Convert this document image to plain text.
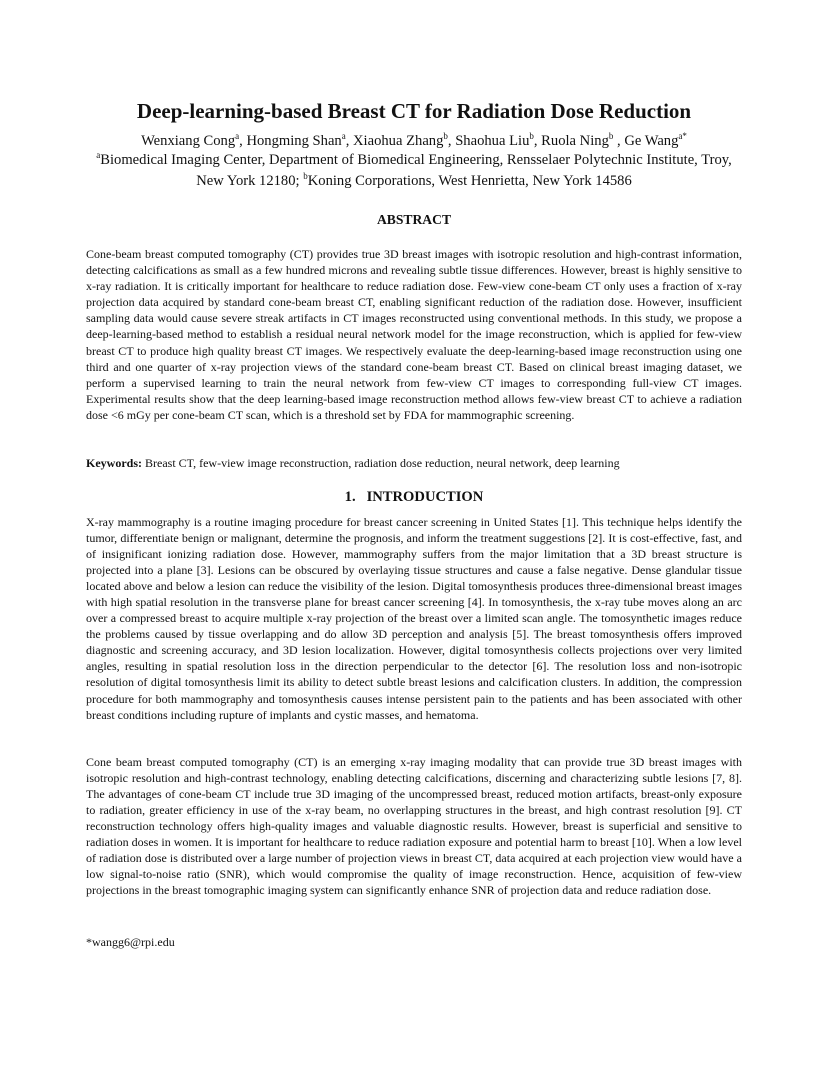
Deep-learning-based Breast CT for Radiation Dose Reduction
Wenxiang Cong$^a$, Hongming Shan$^a$, Xiaohua Zhang$^b$, Shaohua Liu$^b$, Ruola Ning$^b$ , Ge Wang$^{a*}$
$^a$Biomedical Imaging Center, Department of Biomedical Engineering, Rensselaer Polytechnic Institute, Troy, New York 12180; $^b$Koning Corporations, West Henrietta, New York 14586
ABSTRACT

Cone-beam breast computed tomography (CT) provides true 3D breast images with isotropic resolution and high-contrast information, detecting calcifications as small as a few hundred microns and revealing subtle tissue differences. However, breast is highly sensitive to x-ray radiation. It is critically important for healthcare to reduce radiation dose. Few-view cone-beam CT only uses a fraction of x-ray projection data acquired by standard cone-beam breast CT, enabling significant reduction of the radiation dose. However, insufficient sampling data would cause severe streak artifacts in CT images reconstructed using conventional methods. In this study, we propose a deep-learning-based method to establish a residual neural network model for the image reconstruction, which is applied for few-view breast CT to produce high quality breast CT images. We respectively evaluate the deep-learning-based image reconstruction using one third and one quarter of x-ray projection views of the standard cone-beam breast CT. Based on clinical breast imaging dataset, we perform a supervised learning to train the neural network from few-view CT images to corresponding full-view CT images. Experimental results show that the deep learning-based image reconstruction method allows few-view breast CT to achieve a radiation dose <6 mGy per cone-beam CT scan, which is a threshold set by FDA for mammographic screening.

Keywords: Breast CT, few-view image reconstruction, radiation dose reduction, neural network, deep learning

1.   INTRODUCTION

X-ray mammography is a routine imaging procedure for breast cancer screening in United States [1]. This technique helps identify the tumor, differentiate benign or malignant, determine the prognosis, and inform the treatment suggestions [2]. It is cost-effective, fast, and of insignificant ionizing radiation dose. However, mammography suffers from the major limitation that a 3D breast structure is projected into a plane [3]. Lesions can be obscured by overlaying tissue structures and cause a false negative. Dense glandular tissue located above and below a lesion can reduce the visibility of the lesion. Digital tomosynthesis produces three-dimensional breast images with high spatial resolution in the transverse plane for breast cancer screening [4]. In tomosynthesis, the x-ray tube moves along an arc over a compressed breast to acquire multiple x-ray projection of the breast over a limited scan angle. The tomosynthetic images reduce the problems caused by tissue overlapping and do allow 3D perception and analysis [5]. The breast tomosynthesis offers improved diagnostic and screening accuracy, and 3D lesion localization. However, digital tomosynthesis collects projections over very limited angles, resulting in spatial resolution loss in the direction perpendicular to the detector [6]. The resolution loss and non-isotropic resolution of digital tomosynthesis limit its ability to detect subtle breast lesions and calcification clusters. In addition, the compression procedure for both mammography and tomosynthesis causes intense persistent pain to the patients and has been associated with other breast conditions including rupture of implants and cystic masses, and hematoma.

Cone beam breast computed tomography (CT) is an emerging x-ray imaging modality that can provide true 3D breast images with isotropic resolution and high-contrast technology, enabling detecting calcifications, discerning and characterizing subtle lesions [7, 8]. The advantages of cone-beam CT include true 3D imaging of the uncompressed breast, reduced motion artifacts, breast-only exposure to radiation, greater efficiency in use of the x-ray beam, no overlapping structures in the breast, and high contrast resolution [9]. CT reconstruction technology offers high-quality images and valuable diagnostic results. However, breast is superficial and sensitive to radiation doses in women. It is important for healthcare to reduce radiation exposure and potential harm to breast [10]. When a low level of radiation dose is distributed over a large number of projection views in breast CT, data acquired at each projection view would have a low signal-to-noise ratio (SNR), which would compromise the quality of image reconstruction. Hence, acquisition of few-view projections in the breast tomographic imaging system can significantly enhance SNR of projection data and reduce radiation dose.

*wangg6@rpi.edu
